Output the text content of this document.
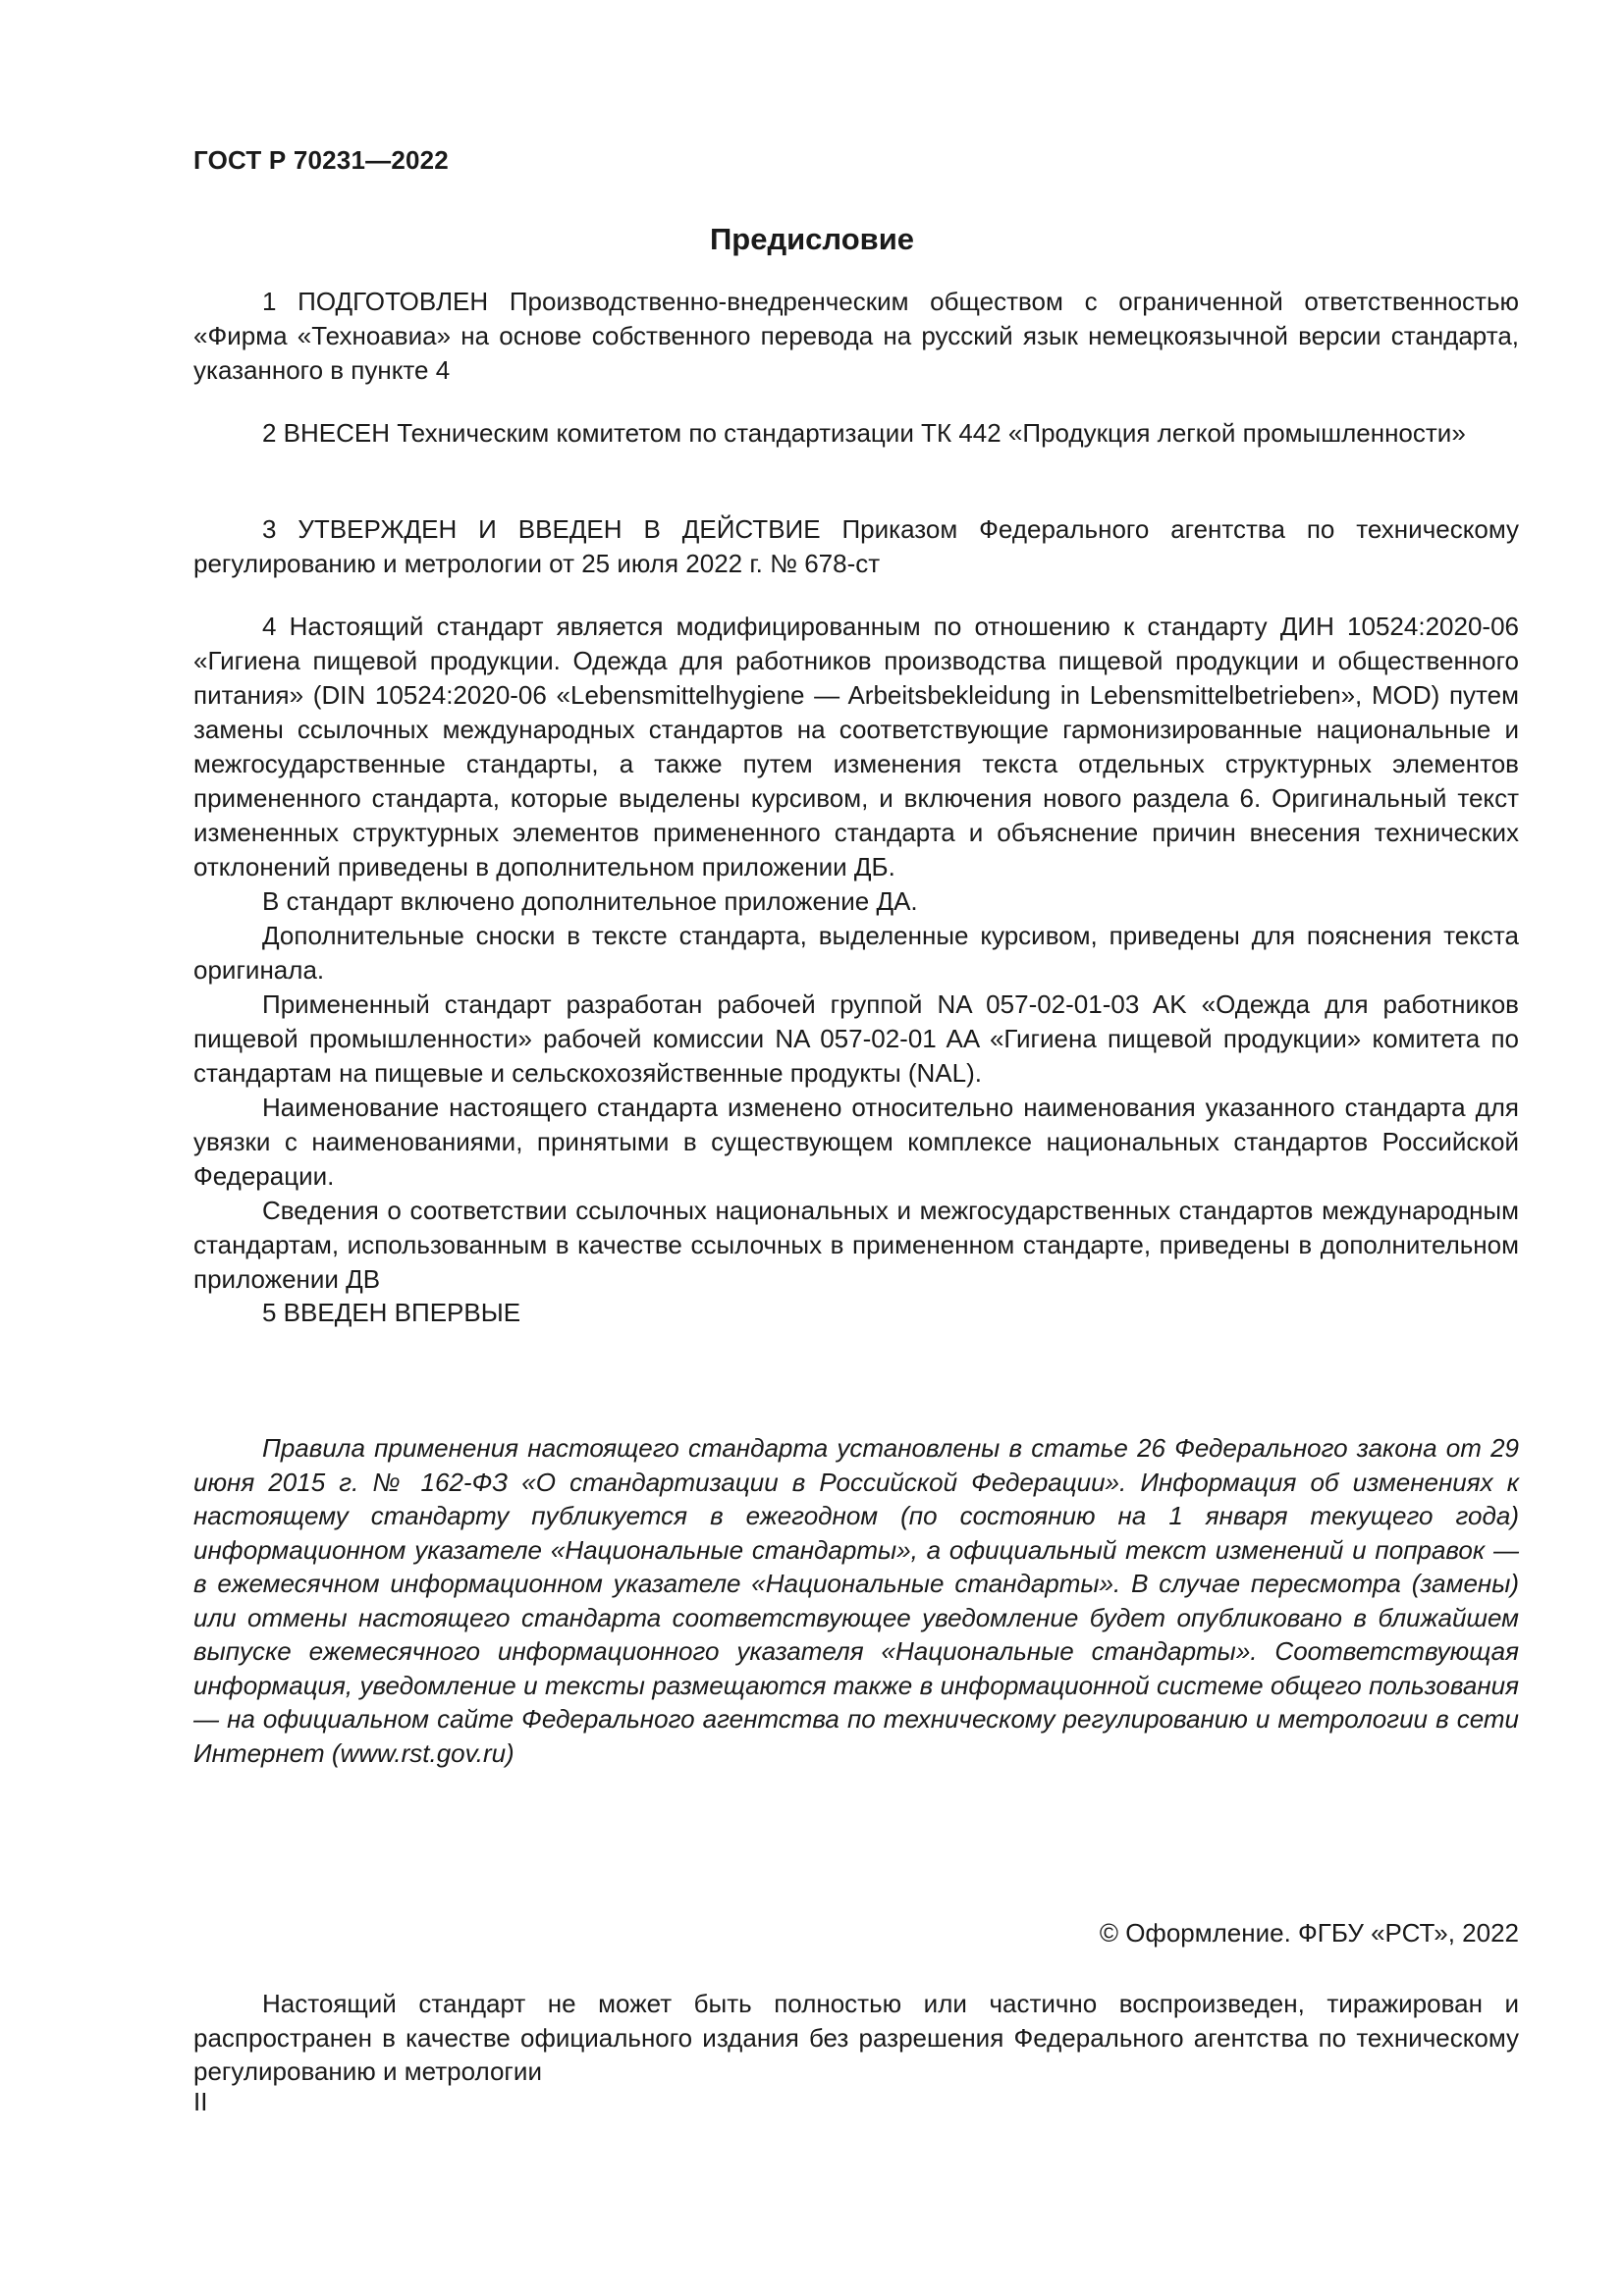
ГОСТ Р 70231—2022
Предисловие

1 ПОДГОТОВЛЕН Производственно-внедренческим обществом с ограниченной ответственностью «Фирма «Техноавиа» на основе собственного перевода на русский язык немецкоязычной версии стандарта, указанного в пункте 4

2 ВНЕСЕН Техническим комитетом по стандартизации ТК 442 «Продукция легкой промышленности»

3 УТВЕРЖДЕН И ВВЕДЕН В ДЕЙСТВИЕ Приказом Федерального агентства по техническому регулированию и метрологии от 25 июля 2022 г. № 678-ст

4 Настоящий стандарт является модифицированным по отношению к стандарту ДИН 10524:2020-06 «Гигиена пищевой продукции. Одежда для работников производства пищевой продукции и общественного питания» (DIN 10524:2020-06 «Lebensmittelhygiene — Arbeitsbekleidung in Lebensmittelbetrieben», MOD) путем замены ссылочных международных стандартов на соответствующие гармонизированные национальные и межгосударственные стандарты, а также путем изменения текста отдельных структурных элементов примененного стандарта, которые выделены курсивом, и включения нового раздела 6. Оригинальный текст измененных структурных элементов примененного стандарта и объяснение причин внесения технических отклонений приведены в дополнительном приложении ДБ.

В стандарт включено дополнительное приложение ДА.

Дополнительные сноски в тексте стандарта, выделенные курсивом, приведены для пояснения текста оригинала.

Примененный стандарт разработан рабочей группой NA 057-02-01-03 AK «Одежда для работников пищевой промышленности» рабочей комиссии NA 057-02-01 AA «Гигиена пищевой продукции» комитета по стандартам на пищевые и сельскохозяйственные продукты (NAL).

Наименование настоящего стандарта изменено относительно наименования указанного стандарта для увязки с наименованиями, принятыми в существующем комплексе национальных стандартов Российской Федерации.

Сведения о соответствии ссылочных национальных и межгосударственных стандартов международным стандартам, использованным в качестве ссылочных в примененном стандарте, приведены в дополнительном приложении ДВ

5 ВВЕДЕН ВПЕРВЫЕ

Правила применения настоящего стандарта установлены в статье 26 Федерального закона от 29 июня 2015 г. № 162-ФЗ «О стандартизации в Российской Федерации». Информация об изменениях к настоящему стандарту публикуется в ежегодном (по состоянию на 1 января текущего года) информационном указателе «Национальные стандарты», а официальный текст изменений и поправок — в ежемесячном информационном указателе «Национальные стандарты». В случае пересмотра (замены) или отмены настоящего стандарта соответствующее уведомление будет опубликовано в ближайшем выпуске ежемесячного информационного указателя «Национальные стандарты». Соответствующая информация, уведомление и тексты размещаются также в информационной системе общего пользования — на официальном сайте Федерального агентства по техническому регулированию и метрологии в сети Интернет (www.rst.gov.ru)

© Оформление. ФГБУ «РСТ», 2022

Настоящий стандарт не может быть полностью или частично воспроизведен, тиражирован и распространен в качестве официального издания без разрешения Федерального агентства по техническому регулированию и метрологии

II
